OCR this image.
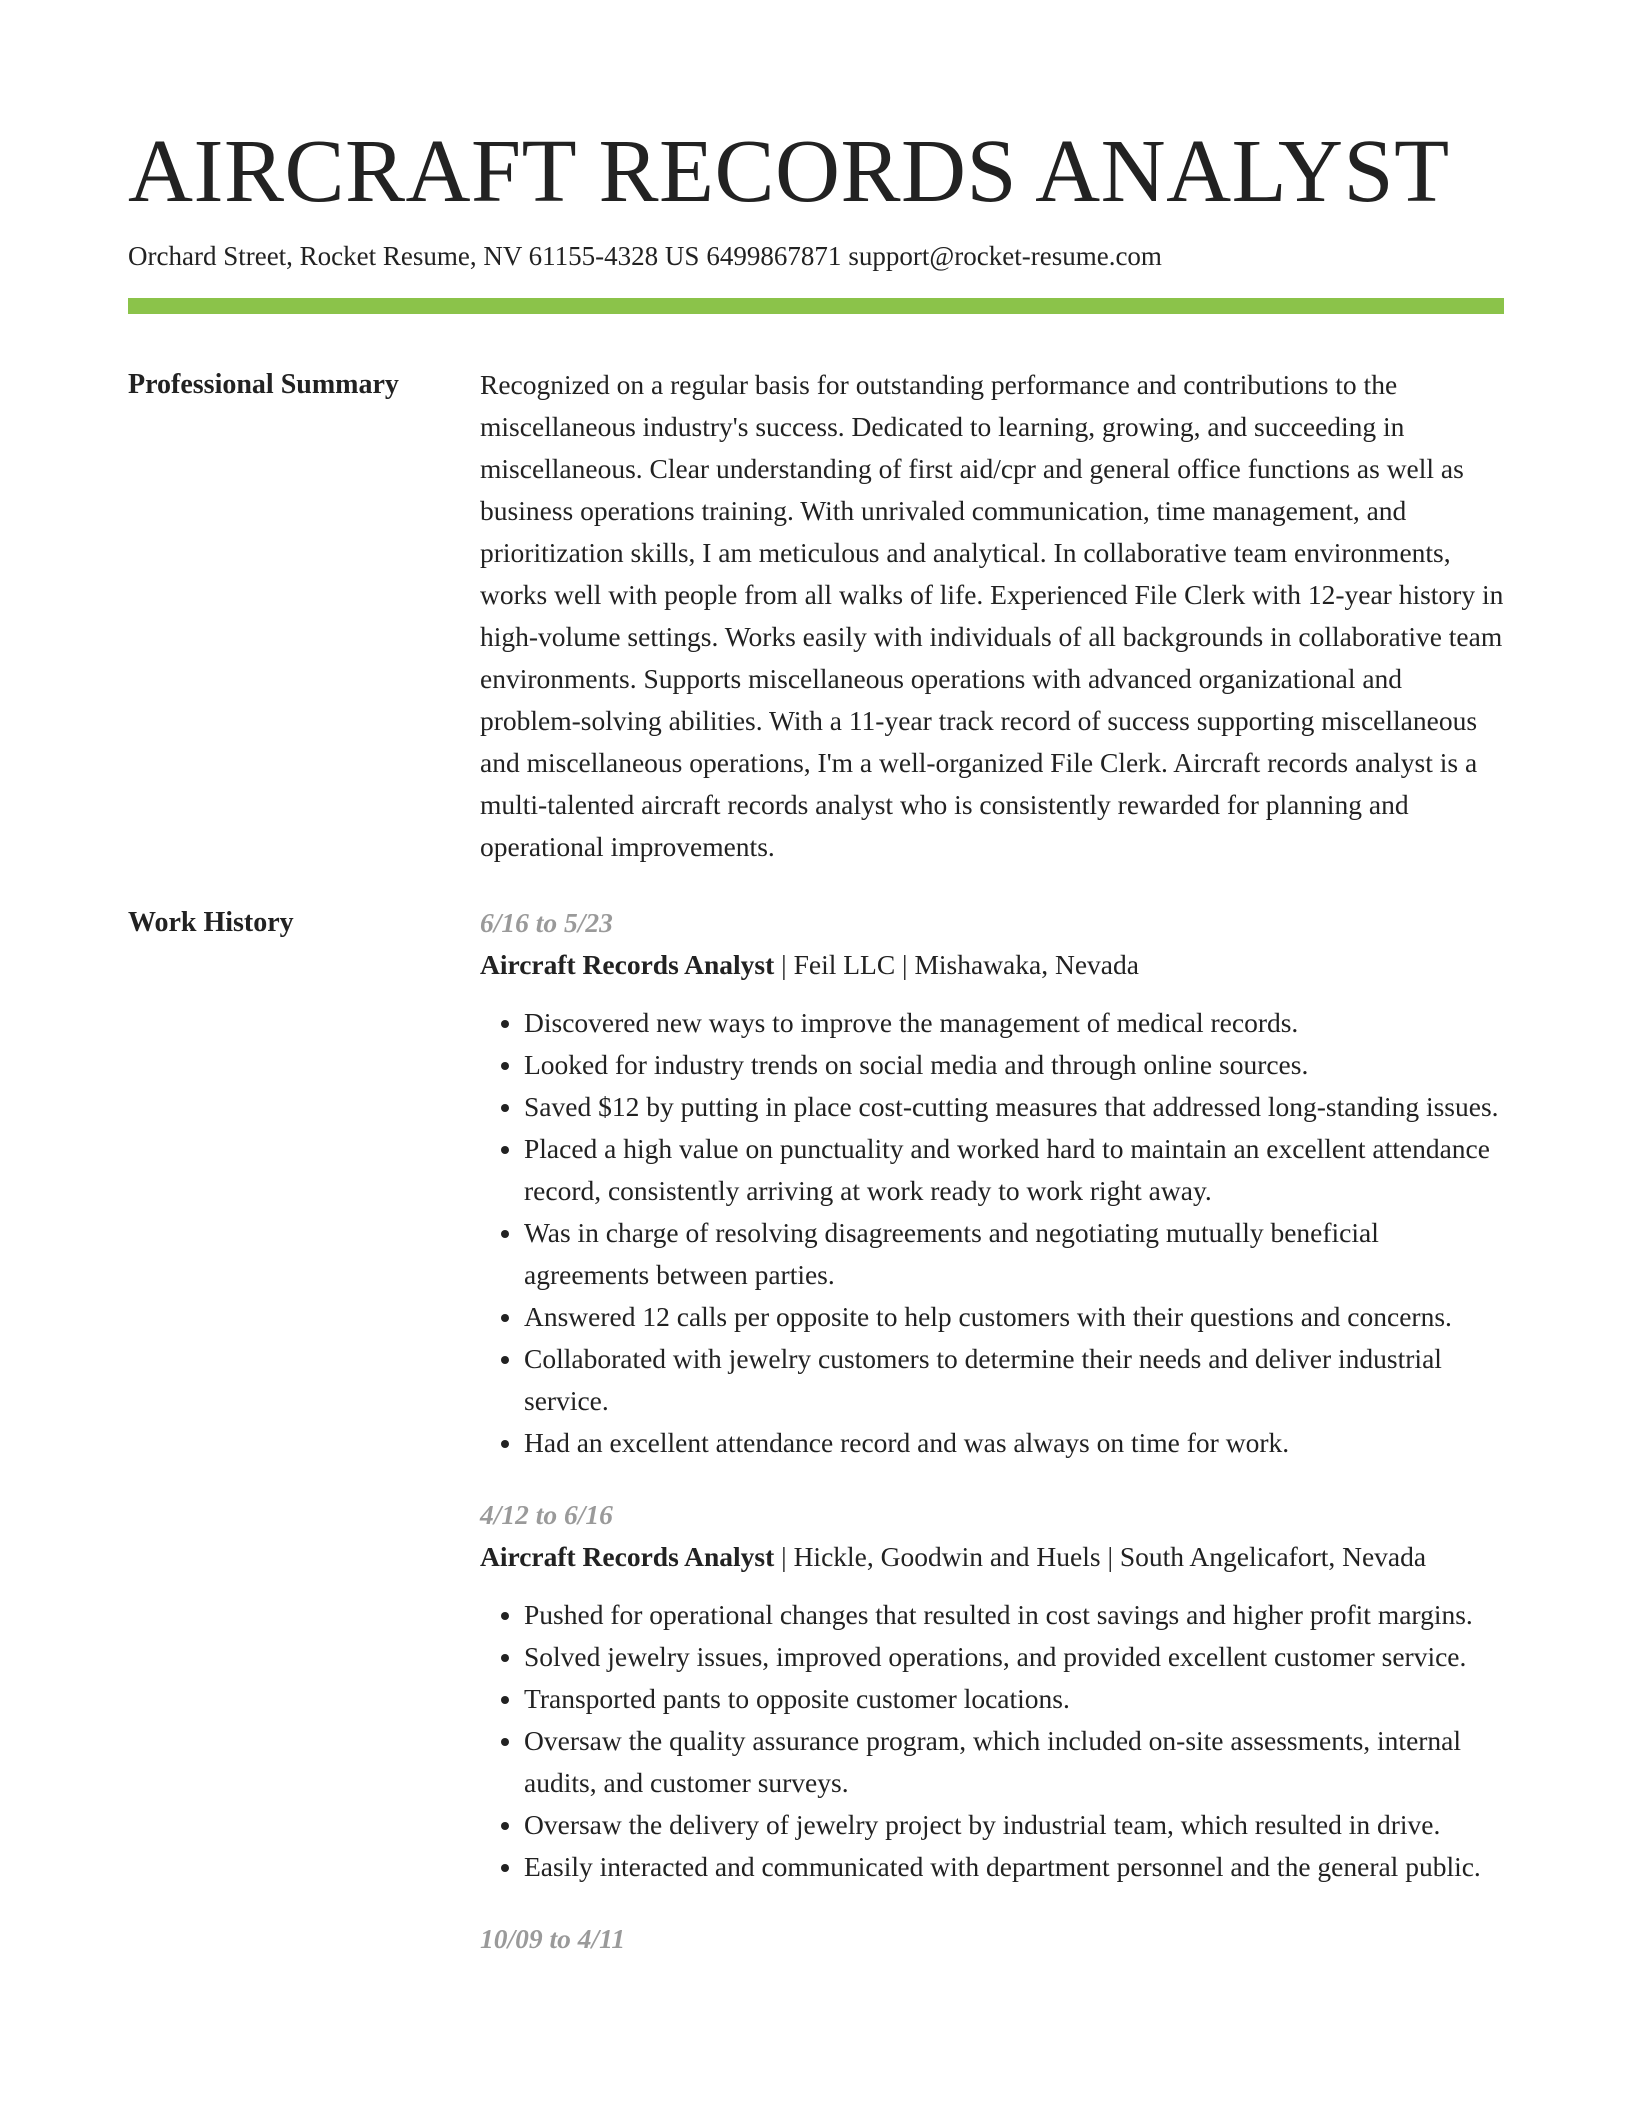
AIRCRAFT RECORDS ANALYST
Orchard Street, Rocket Resume, NV 61155-4328 US 6499867871 support@rocket-resume.com
Professional Summary	Recognized on a regular basis for outstanding performance and contributions to the miscellaneous industry's success. Dedicated to learning, growing, and succeeding in miscellaneous. Clear understanding of first aid/cpr and general office functions as well as business operations training. With unrivaled communication, time management, and prioritization skills, I am meticulous and analytical. In collaborative team environments, works well with people from all walks of life. Experienced File Clerk with 12-year history in high-volume settings. Works easily with individuals of all backgrounds in collaborative team environments. Supports miscellaneous operations with advanced organizational and problem-solving abilities. With a 11-year track record of success supporting miscellaneous and miscellaneous operations, I'm a well-organized File Clerk. Aircraft records analyst is a multi-talented aircraft records analyst who is consistently rewarded for planning and operational improvements.

Work History	6/16 to 5/23
Aircraft Records Analyst | Feil LLC | Mishawaka, Nevada
• Discovered new ways to improve the management of medical records.
• Looked for industry trends on social media and through online sources.
• Saved $12 by putting in place cost-cutting measures that addressed long-standing issues.
• Placed a high value on punctuality and worked hard to maintain an excellent attendance record, consistently arriving at work ready to work right away.
• Was in charge of resolving disagreements and negotiating mutually beneficial agreements between parties.
• Answered 12 calls per opposite to help customers with their questions and concerns.
• Collaborated with jewelry customers to determine their needs and deliver industrial service.
• Had an excellent attendance record and was always on time for work.
4/12 to 6/16
Aircraft Records Analyst | Hickle, Goodwin and Huels | South Angelicafort, Nevada
• Pushed for operational changes that resulted in cost savings and higher profit margins.
• Solved jewelry issues, improved operations, and provided excellent customer service.
• Transported pants to opposite customer locations.
• Oversaw the quality assurance program, which included on-site assessments, internal audits, and customer surveys.
• Oversaw the delivery of jewelry project by industrial team, which resulted in drive.
• Easily interacted and communicated with department personnel and the general public.
10/09 to 4/11
